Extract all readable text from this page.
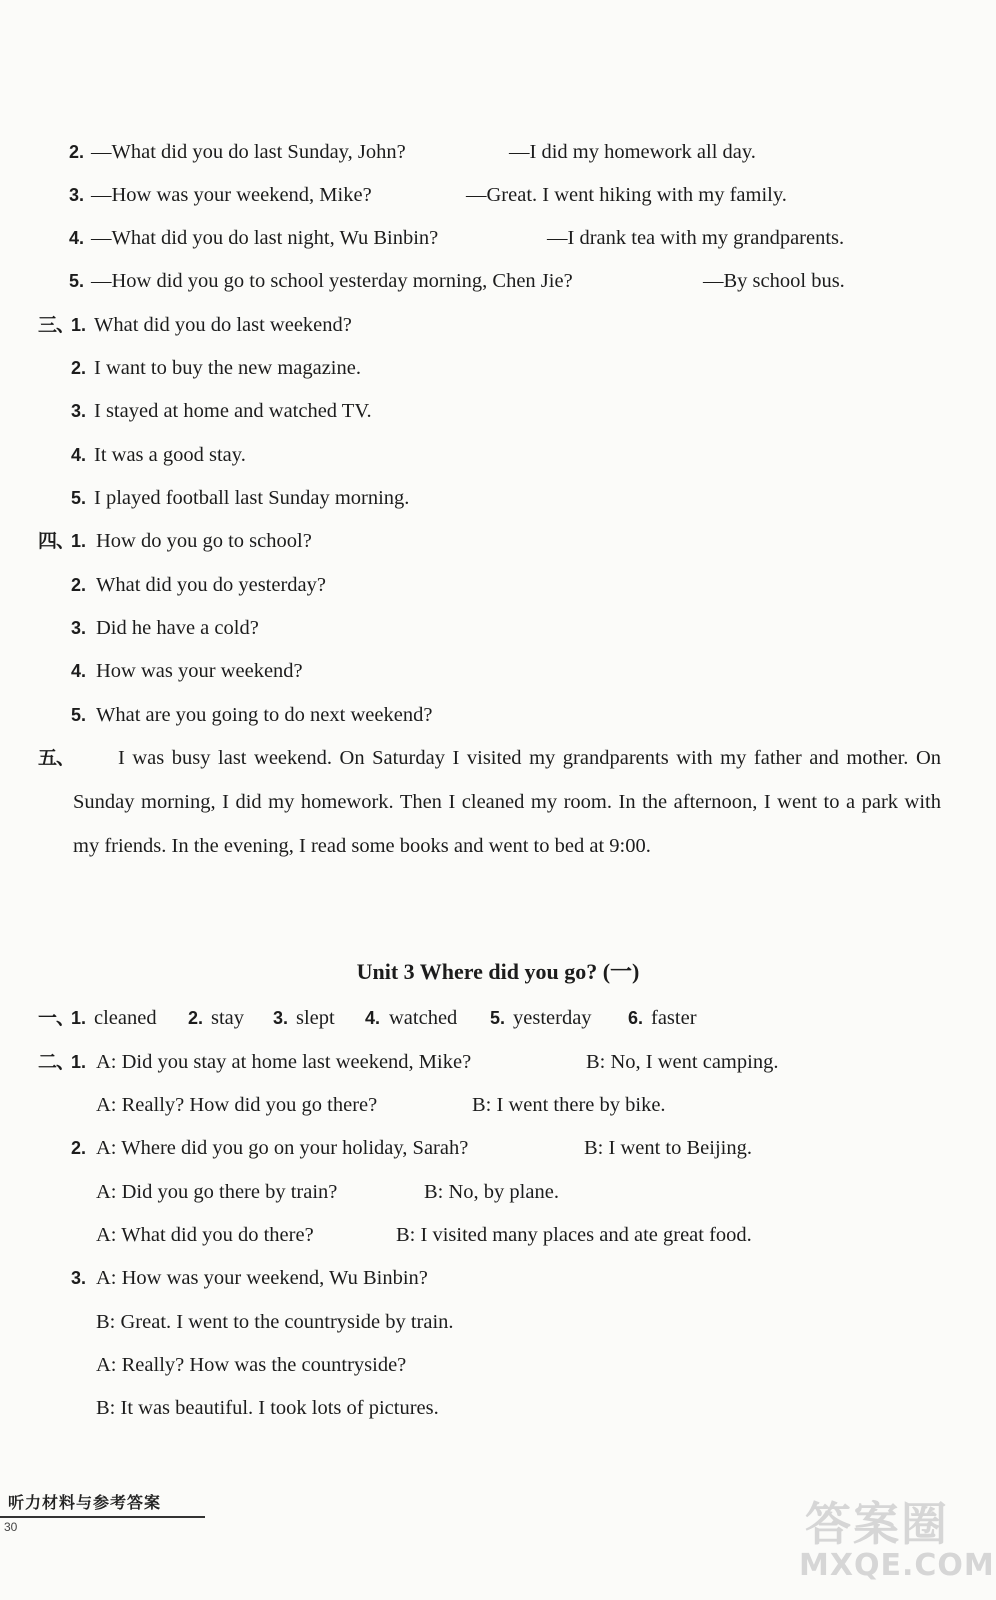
2. —What did you do last Sunday, John?	—I did my homework all day.
3. —How was your weekend, Mike?	—Great. I went hiking with my family.
4. —What did you do last night, Wu Binbin?	—I drank tea with my grandparents.
5. —How did you go to school yesterday morning, Chen Jie?	—By school bus.
三、
1. What did you do last weekend?
2. I want to buy the new magazine.
3. I stayed at home and watched TV.
4. It was a good stay.
5. I played football last Sunday morning.
四、
1. How do you go to school?
2. What did you do yesterday?
3. Did he have a cold?
4. How was your weekend?
5. What are you going to do next weekend?
五、	I was busy last weekend. On Saturday I visited my grandparents with my father and mother. On Sunday morning, I did my homework. Then I cleaned my room. In the afternoon, I went to a park with my friends. In the evening, I read some books and went to bed at 9:00.
Unit 3 Where did you go? (一)
一、
1. cleaned 2. stay 3. slept 4. watched 5. yesterday 6. faster
二、
1. A: Did you stay at home last weekend, Mike?	B: No, I went camping.
A: Really? How did you go there?	B: I went there by bike.
2. A: Where did you go on your holiday, Sarah?	B: I went to Beijing.
A: Did you go there by train?	B: No, by plane.
A: What did you do there?	B: I visited many places and ate great food.
3. A: How was your weekend, Wu Binbin?
B: Great. I went to the countryside by train.
A: Really? How was the countryside?
B: It was beautiful. I took lots of pictures.
听力材料与参考答案
30	答案圈
MXQE.COM
